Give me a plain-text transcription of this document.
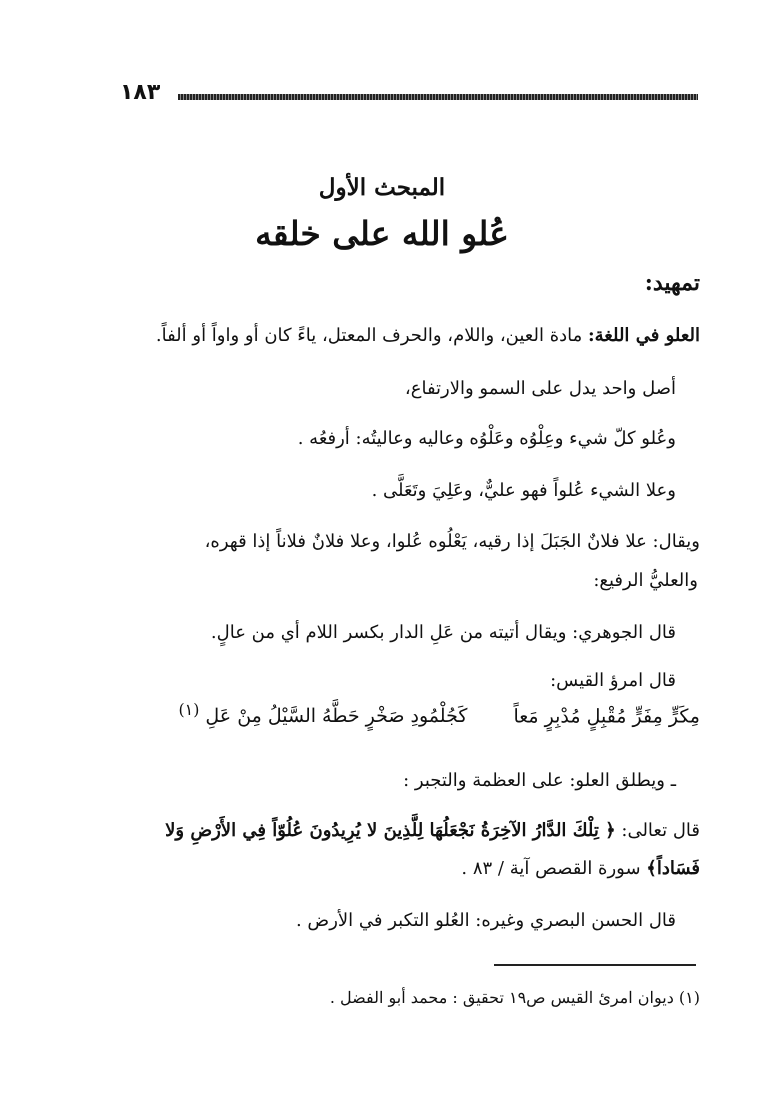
١٨٣
المبحث الأول
عُلو الله على خلقه
تمهيد:
العلو في اللغة: مادة العين، واللام، والحرف المعتل، ياءً كان أو واواً أو ألفاً.
أصل واحد يدل على السمو والارتفاع،
وعُلو كلّ شيء وعِلْوُه وعَلْوُه وعاليه وعاليتُه: أرفعُه .
وعلا الشيء عُلواً فهو عليٌّ، وعَلِيَ وتَعَلَّى .
ويقال: علا فلانٌ الجَبَلَ إذا رقيه، يَعْلُوه عُلوا، وعلا فلانٌ فلاناً إذا قهره،
والعليُّ الرفيع:
قال الجوهري: ويقال أتيته من عَلِ الدار بكسر اللام أي من عالٍ.
قال امرؤ القيس:
مِكَرٍّ مِفَرٍّ مُقْبِلٍ مُدْبِرٍ مَعاً كَجُلْمُودِ صَخْرٍ حَطَّهُ السَّيْلُ مِنْ عَلِ $^{(١)}$
ـ ويطلق العلو: على العظمة والتجبر :
قال تعالى: ﴿ تِلْكَ الدَّارُ الآخِرَةُ نَجْعَلُهَا لِلَّذِينَ لا يُرِيدُونَ عُلُوّاً فِي الأَرْضِ وَلا
فَسَاداً﴾ سورة القصص آية / ٨٣ .
قال الحسن البصري وغيره: العُلو التكبر في الأرض .
(١) ديوان امرئ القيس ص١٩ تحقيق : محمد أبو الفضل .
